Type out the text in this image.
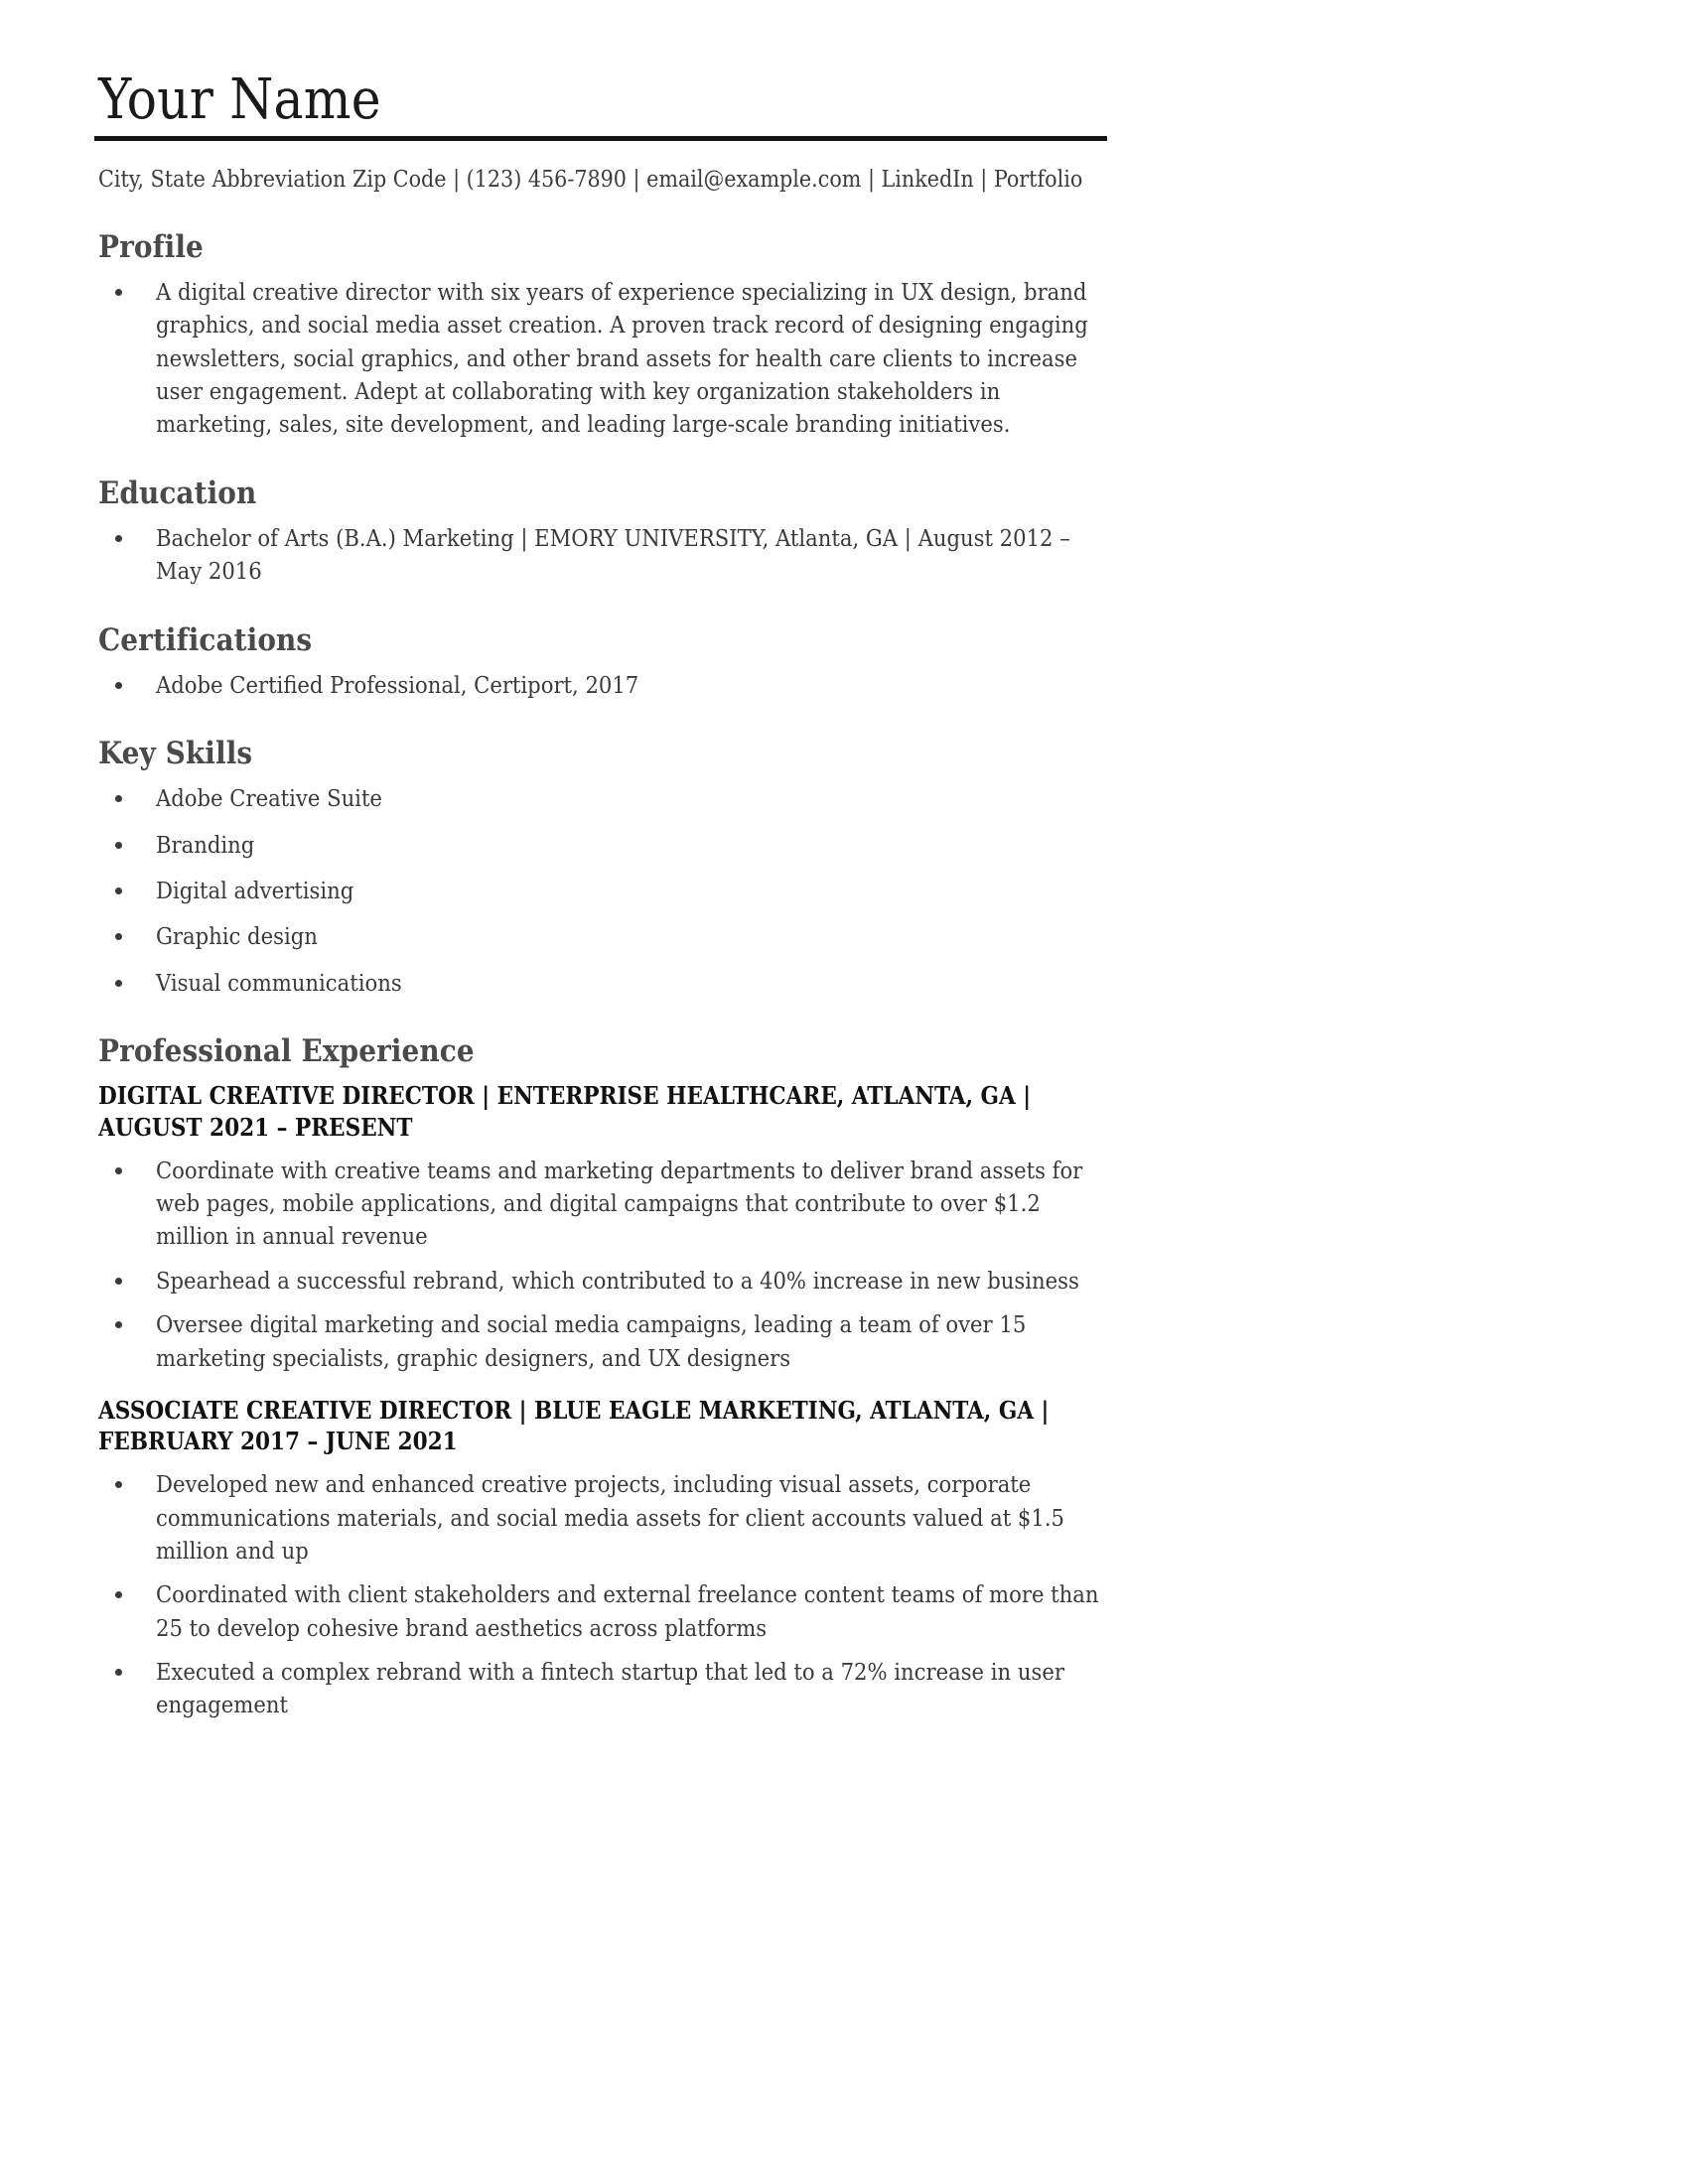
Your Name
City, State Abbreviation Zip Code | (123) 456-7890 | email@example.com | LinkedIn | Portfolio
Profile
A digital creative director with six years of experience specializing in UX design, brand graphics, and social media asset creation. A proven track record of designing engaging newsletters, social graphics, and other brand assets for health care clients to increase user engagement. Adept at collaborating with key organization stakeholders in marketing, sales, site development, and leading large-scale branding initiatives.
Education
Bachelor of Arts (B.A.) Marketing | EMORY UNIVERSITY, Atlanta, GA | August 2012 – May 2016
Certifications
Adobe Certified Professional, Certiport, 2017
Key Skills
Adobe Creative Suite
Branding
Digital advertising
Graphic design
Visual communications
Professional Experience
DIGITAL CREATIVE DIRECTOR | ENTERPRISE HEALTHCARE, ATLANTA, GA | AUGUST 2021 – PRESENT
Coordinate with creative teams and marketing departments to deliver brand assets for web pages, mobile applications, and digital campaigns that contribute to over $1.2 million in annual revenue
Spearhead a successful rebrand, which contributed to a 40% increase in new business
Oversee digital marketing and social media campaigns, leading a team of over 15 marketing specialists, graphic designers, and UX designers
ASSOCIATE CREATIVE DIRECTOR | BLUE EAGLE MARKETING, ATLANTA, GA | FEBRUARY 2017 – JUNE 2021
Developed new and enhanced creative projects, including visual assets, corporate communications materials, and social media assets for client accounts valued at $1.5 million and up
Coordinated with client stakeholders and external freelance content teams of more than 25 to develop cohesive brand aesthetics across platforms
Executed a complex rebrand with a fintech startup that led to a 72% increase in user engagement
